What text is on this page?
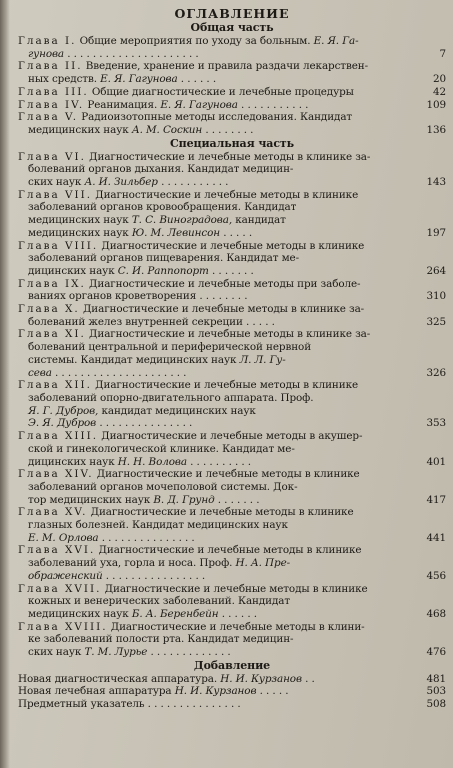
ОГЛАВЛЕНИЕ
Общая часть
Глава I. Общие мероприятия по уходу за больным. Е. Я. Га-
гунова . . . . . . . . . . . . . . . . . . . . .	7
Глава II. Введение, хранение и правила раздачи лекарствен-
ных средств. Е. Я. Гагунова . . . . . .	20
Глава III. Общие диагностические и лечебные процедуры	42
Глава IV. Реанимация. Е. Я. Гагунова . . . . . . . . . . .	109
Глава V. Радиоизотопные методы исследования. Кандидат
медицинских наук А. М. Соскин . . . . . . . .	136
Специальная часть
Глава VI. Диагностические и лечебные методы в клинике за-
болеваний органов дыхания. Кандидат медицин-
ских наук А. И. Зильбер . . . . . . . . . . .	143
Глава VII. Диагностические и лечебные методы в клинике
заболеваний органов кровообращения. Кандидат
медицинских наук Т. С. Виноградова, кандидат
медицинских наук Ю. М. Левинсон . . . . .	197
Глава VIII. Диагностические и лечебные методы в клинике
заболеваний органов пищеварения. Кандидат ме-
дицинских наук С. И. Раппопорт . . . . . . .	264
Глава IX. Диагностические и лечебные методы при заболе-
ваниях органов кроветворения . . . . . . . .	310
Глава X. Диагностические и лечебные методы в клинике за-
болеваний желез внутренней секреции . . . . .	325
Глава XI. Диагностические и лечебные методы в клинике за-
болеваний центральной и периферической нервной
системы. Кандидат медицинских наук Л. Л. Гу-
сева . . . . . . . . . . . . . . . . . . . . .	326
Глава XII. Диагностические и лечебные методы в клинике
заболеваний опорно-двигательного аппарата. Проф.
Я. Г. Дубров, кандидат медицинских наук
Э. Я. Дубров . . . . . . . . . . . . . . .	353
Глава XIII. Диагностические и лечебные методы в акушер-
ской и гинекологической клинике. Кандидат ме-
дицинских наук Н. Н. Волова . . . . . . . . . .	401
Глава XIV. Диагностические и лечебные методы в клинике
заболеваний органов мочеполовой системы. Док-
тор медицинских наук В. Д. Грунд . . . . . . .	417
Глава XV. Диагностические и лечебные методы в клинике
глазных болезней. Кандидат медицинских наук
Е. М. Орлова . . . . . . . . . . . . . . .	441
Глава XVI. Диагностические и лечебные методы в клинике
заболеваний уха, горла и носа. Проф. Н. А. Пре-
ображенский . . . . . . . . . . . . . . . .	456
Глава XVII. Диагностические и лечебные методы в клинике
кожных и венерических заболеваний. Кандидат
медицинских наук Б. А. Беренбейн . . . . . .	468
Глава XVIII. Диагностические и лечебные методы в клини-
ке заболеваний полости рта. Кандидат медицин-
ских наук Т. М. Лурье . . . . . . . . . . . . .	476
Добавление
Новая диагностическая аппаратура. Н. И. Курзанов . .	481
Новая лечебная аппаратура Н. И. Курзанов . . . . .	503
Предметный указатель . . . . . . . . . . . . . . .	508
